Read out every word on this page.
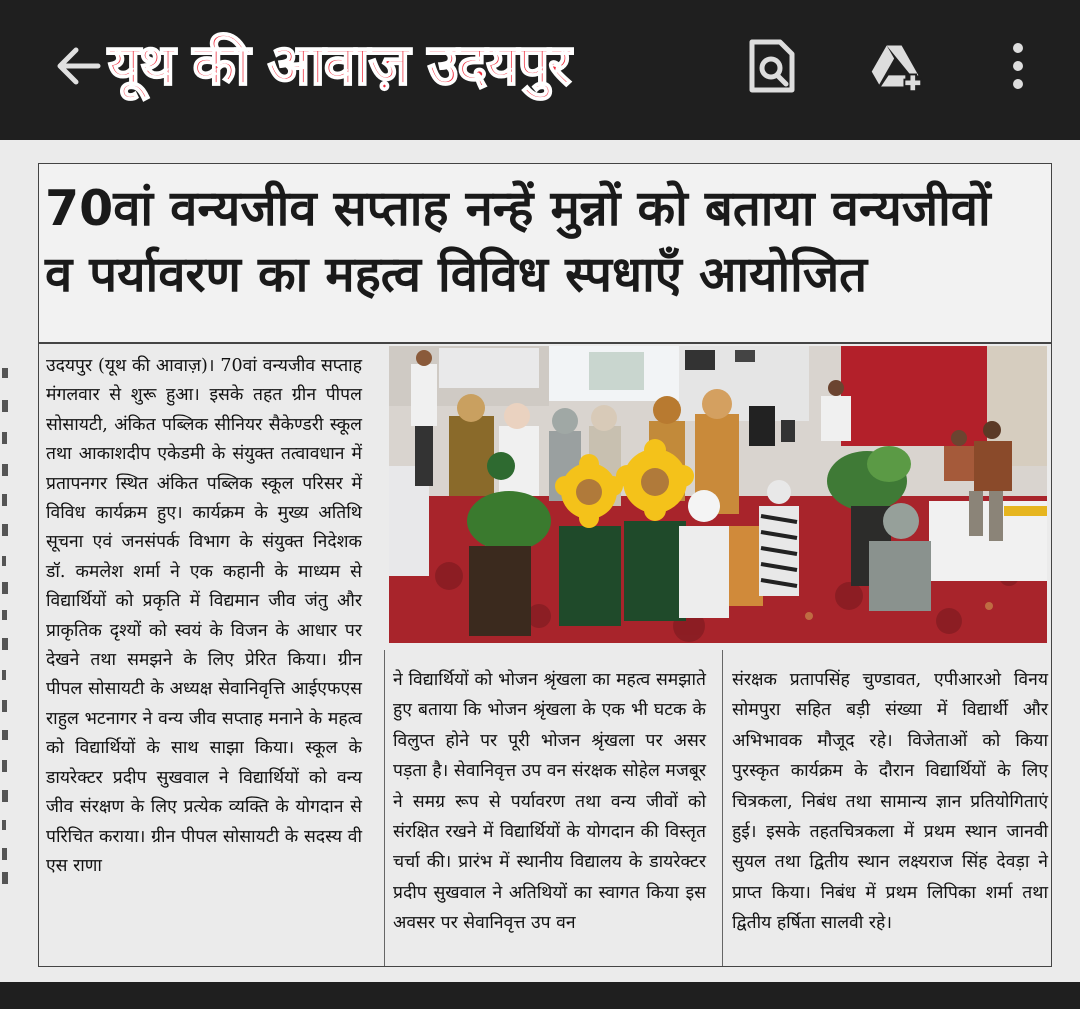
यूथ की आवाज़ उदयपुर
70वां वन्यजीव सप्ताह नन्हें मुन्नों को बताया वन्यजीवों
व पर्यावरण का महत्व विविध स्पधाएँ आयोजित
उदयपुर (यूथ की आवाज़)। 70वां वन्यजीव सप्ताह मंगलवार से शुरू हुआ। इसके तहत ग्रीन पीपल सोसायटी, अंकित पब्लिक सीनियर सैकेण्डरी स्कूल तथा आकाशदीप एकेडमी के संयुक्त तत्वावधान में प्रतापनगर स्थित अंकित पब्लिक स्कूल परिसर में विविध कार्यक्रम हुए। कार्यक्रम के मुख्य अतिथि सूचना एवं जनसंपर्क विभाग के संयुक्त निदेशक डॉ. कमलेश शर्मा ने एक कहानी के माध्यम से विद्यार्थियों को प्रकृति में विद्यमान जीव जंतु और प्राकृतिक दृश्यों को स्वयं के विजन के आधार पर देखने तथा समझने के लिए प्रेरित किया। ग्रीन पीपल सोसायटी के अध्यक्ष सेवानिवृत्ति आईएफएस राहुल भटनागर ने वन्य जीव सप्ताह मनाने के महत्व को विद्यार्थियों के साथ साझा किया। स्कूल के डायरेक्टर प्रदीप सुखवाल ने विद्यार्थियों को वन्य जीव संरक्षण के लिए प्रत्येक व्यक्ति के योगदान से परिचित कराया। ग्रीन पीपल सोसायटी के सदस्य वी एस राणा
ने विद्यार्थियों को भोजन श्रृंखला का महत्व समझाते हुए बताया कि भोजन श्रृंखला के एक भी घटक के विलुप्त होने पर पूरी भोजन श्रृंखला पर असर पड़ता है। सेवानिवृत्त उप वन संरक्षक सोहेल मजबूर ने समग्र रूप से पर्यावरण तथा वन्य जीवों को संरक्षित रखने में विद्यार्थियों के योगदान की विस्तृत चर्चा की। प्रारंभ में स्थानीय विद्यालय के डायरेक्टर प्रदीप सुखवाल ने अतिथियों का स्वागत किया इस अवसर पर सेवानिवृत्त उप वन
संरक्षक प्रतापसिंह चुण्डावत, एपीआरओ विनय सोमपुरा सहित बड़ी संख्या में विद्यार्थी और अभिभावक मौजूद रहे। विजेताओं को किया पुरस्कृत कार्यक्रम के दौरान विद्यार्थियों के लिए चित्रकला, निबंध तथा सामान्य ज्ञान प्रतियोगिताएं हुई। इसके तहतचित्रकला में प्रथम स्थान जानवी सुयल तथा द्वितीय स्थान लक्ष्यराज सिंह देवड़ा ने प्राप्त किया। निबंध में प्रथम लिपिका शर्मा तथा द्वितीय हर्षिता सालवी रहे।
